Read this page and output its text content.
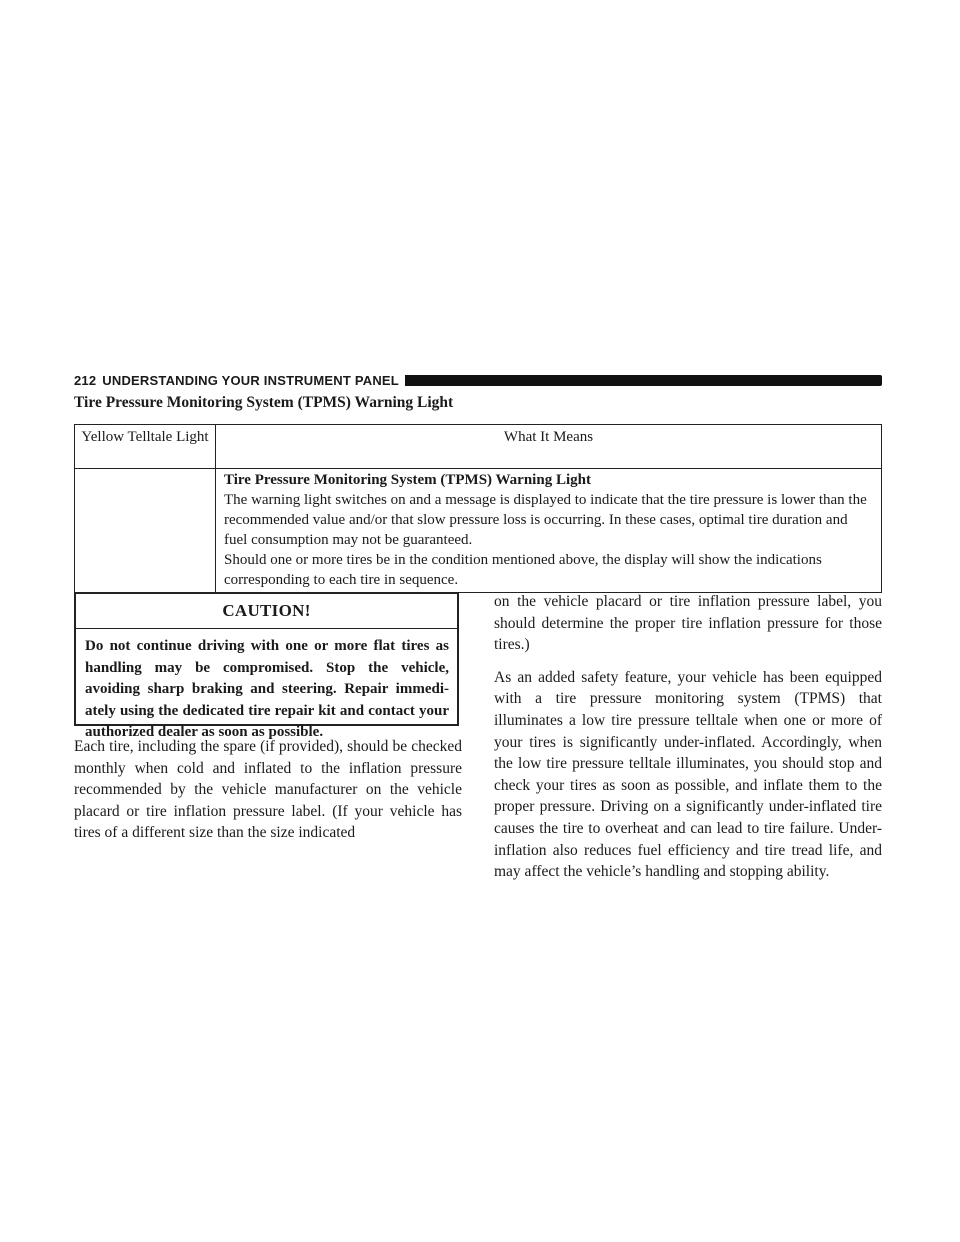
212 UNDERSTANDING YOUR INSTRUMENT PANEL
Tire Pressure Monitoring System (TPMS) Warning Light
Yellow Telltale Light	What It Means

	Tire Pressure Monitoring System (TPMS) Warning Light
The warning light switches on and a message is displayed to indicate that the tire pressure is lower than the recommended value and/or that slow pressure loss is occurring. In these cases, optimal tire duration and fuel consumption may not be guaranteed.
Should one or more tires be in the condition mentioned above, the display will show the indications corresponding to each tire in sequence.
CAUTION!
Do not continue driving with one or more flat tires as handling may be compromised. Stop the vehicle, avoiding sharp braking and steering. Repair immediately using the dedicated tire repair kit and contact your authorized dealer as soon as possible.

Each tire, including the spare (if provided), should be checked monthly when cold and inflated to the inflation pressure recommended by the vehicle manufacturer on the vehicle placard or tire inflation pressure label. (If your vehicle has tires of a different size than the size indicated

on the vehicle placard or tire inflation pressure label, you should determine the proper tire inflation pressure for those tires.)

As an added safety feature, your vehicle has been equipped with a tire pressure monitoring system (TPMS) that illuminates a low tire pressure telltale when one or more of your tires is significantly under-inflated. Accordingly, when the low tire pressure telltale illuminates, you should stop and check your tires as soon as possible, and inflate them to the proper pressure. Driving on a significantly under-inflated tire causes the tire to overheat and can lead to tire failure. Under-inflation also reduces fuel efficiency and tire tread life, and may affect the vehicle’s handling and stopping ability.
